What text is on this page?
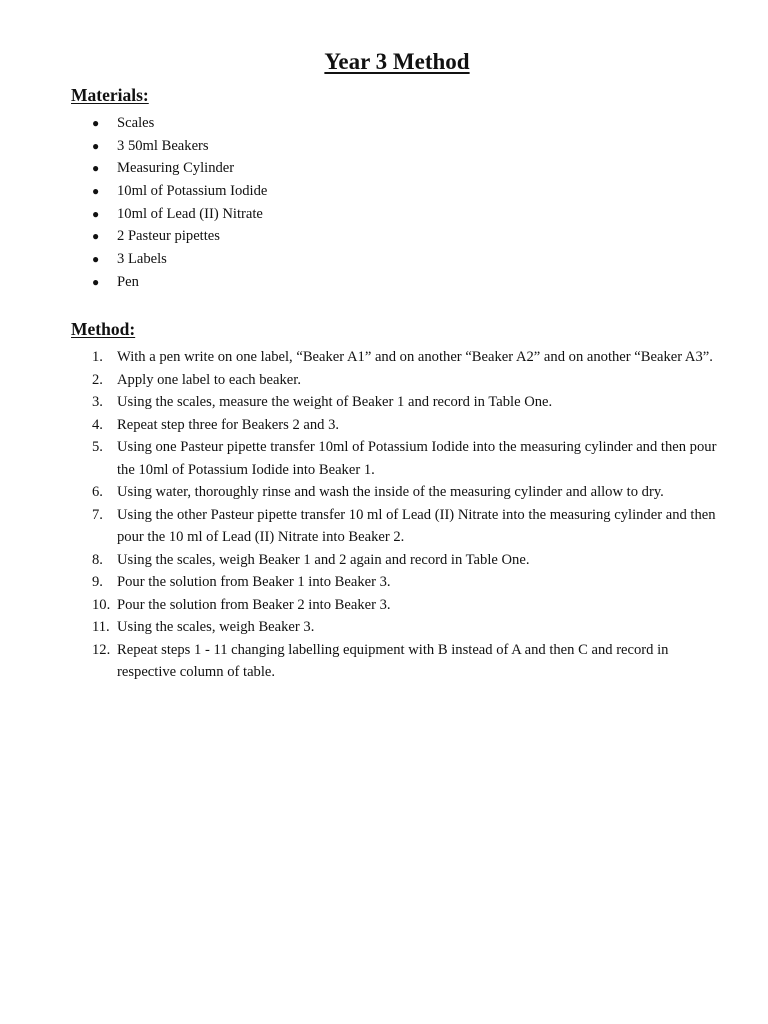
Year 3 Method
Materials:
● Scales
● 3 50ml Beakers
● Measuring Cylinder
● 10ml of Potassium Iodide
● 10ml of Lead (II) Nitrate
● 2 Pasteur pipettes
● 3 Labels
● Pen
Method:
1. With a pen write on one label, “Beaker A1” and on another “Beaker A2” and on another “Beaker A3”.
2. Apply one label to each beaker.
3. Using the scales, measure the weight of Beaker 1 and record in Table One.
4. Repeat step three for Beakers 2 and 3.
5. Using one Pasteur pipette transfer 10ml of Potassium Iodide into the measuring cylinder and then pour the 10ml of Potassium Iodide into Beaker 1.
6. Using water, thoroughly rinse and wash the inside of the measuring cylinder and allow to dry.
7. Using the other Pasteur pipette transfer 10 ml of Lead (II) Nitrate into the measuring cylinder and then pour the 10 ml of Lead (II) Nitrate into Beaker 2.
8. Using the scales, weigh Beaker 1 and 2 again and record in Table One.
9. Pour the solution from Beaker 1 into Beaker 3.
10. Pour the solution from Beaker 2 into Beaker 3.
11. Using the scales, weigh Beaker 3.
12. Repeat steps 1 - 11 changing labelling equipment with B instead of A and then C and record in respective column of table.
